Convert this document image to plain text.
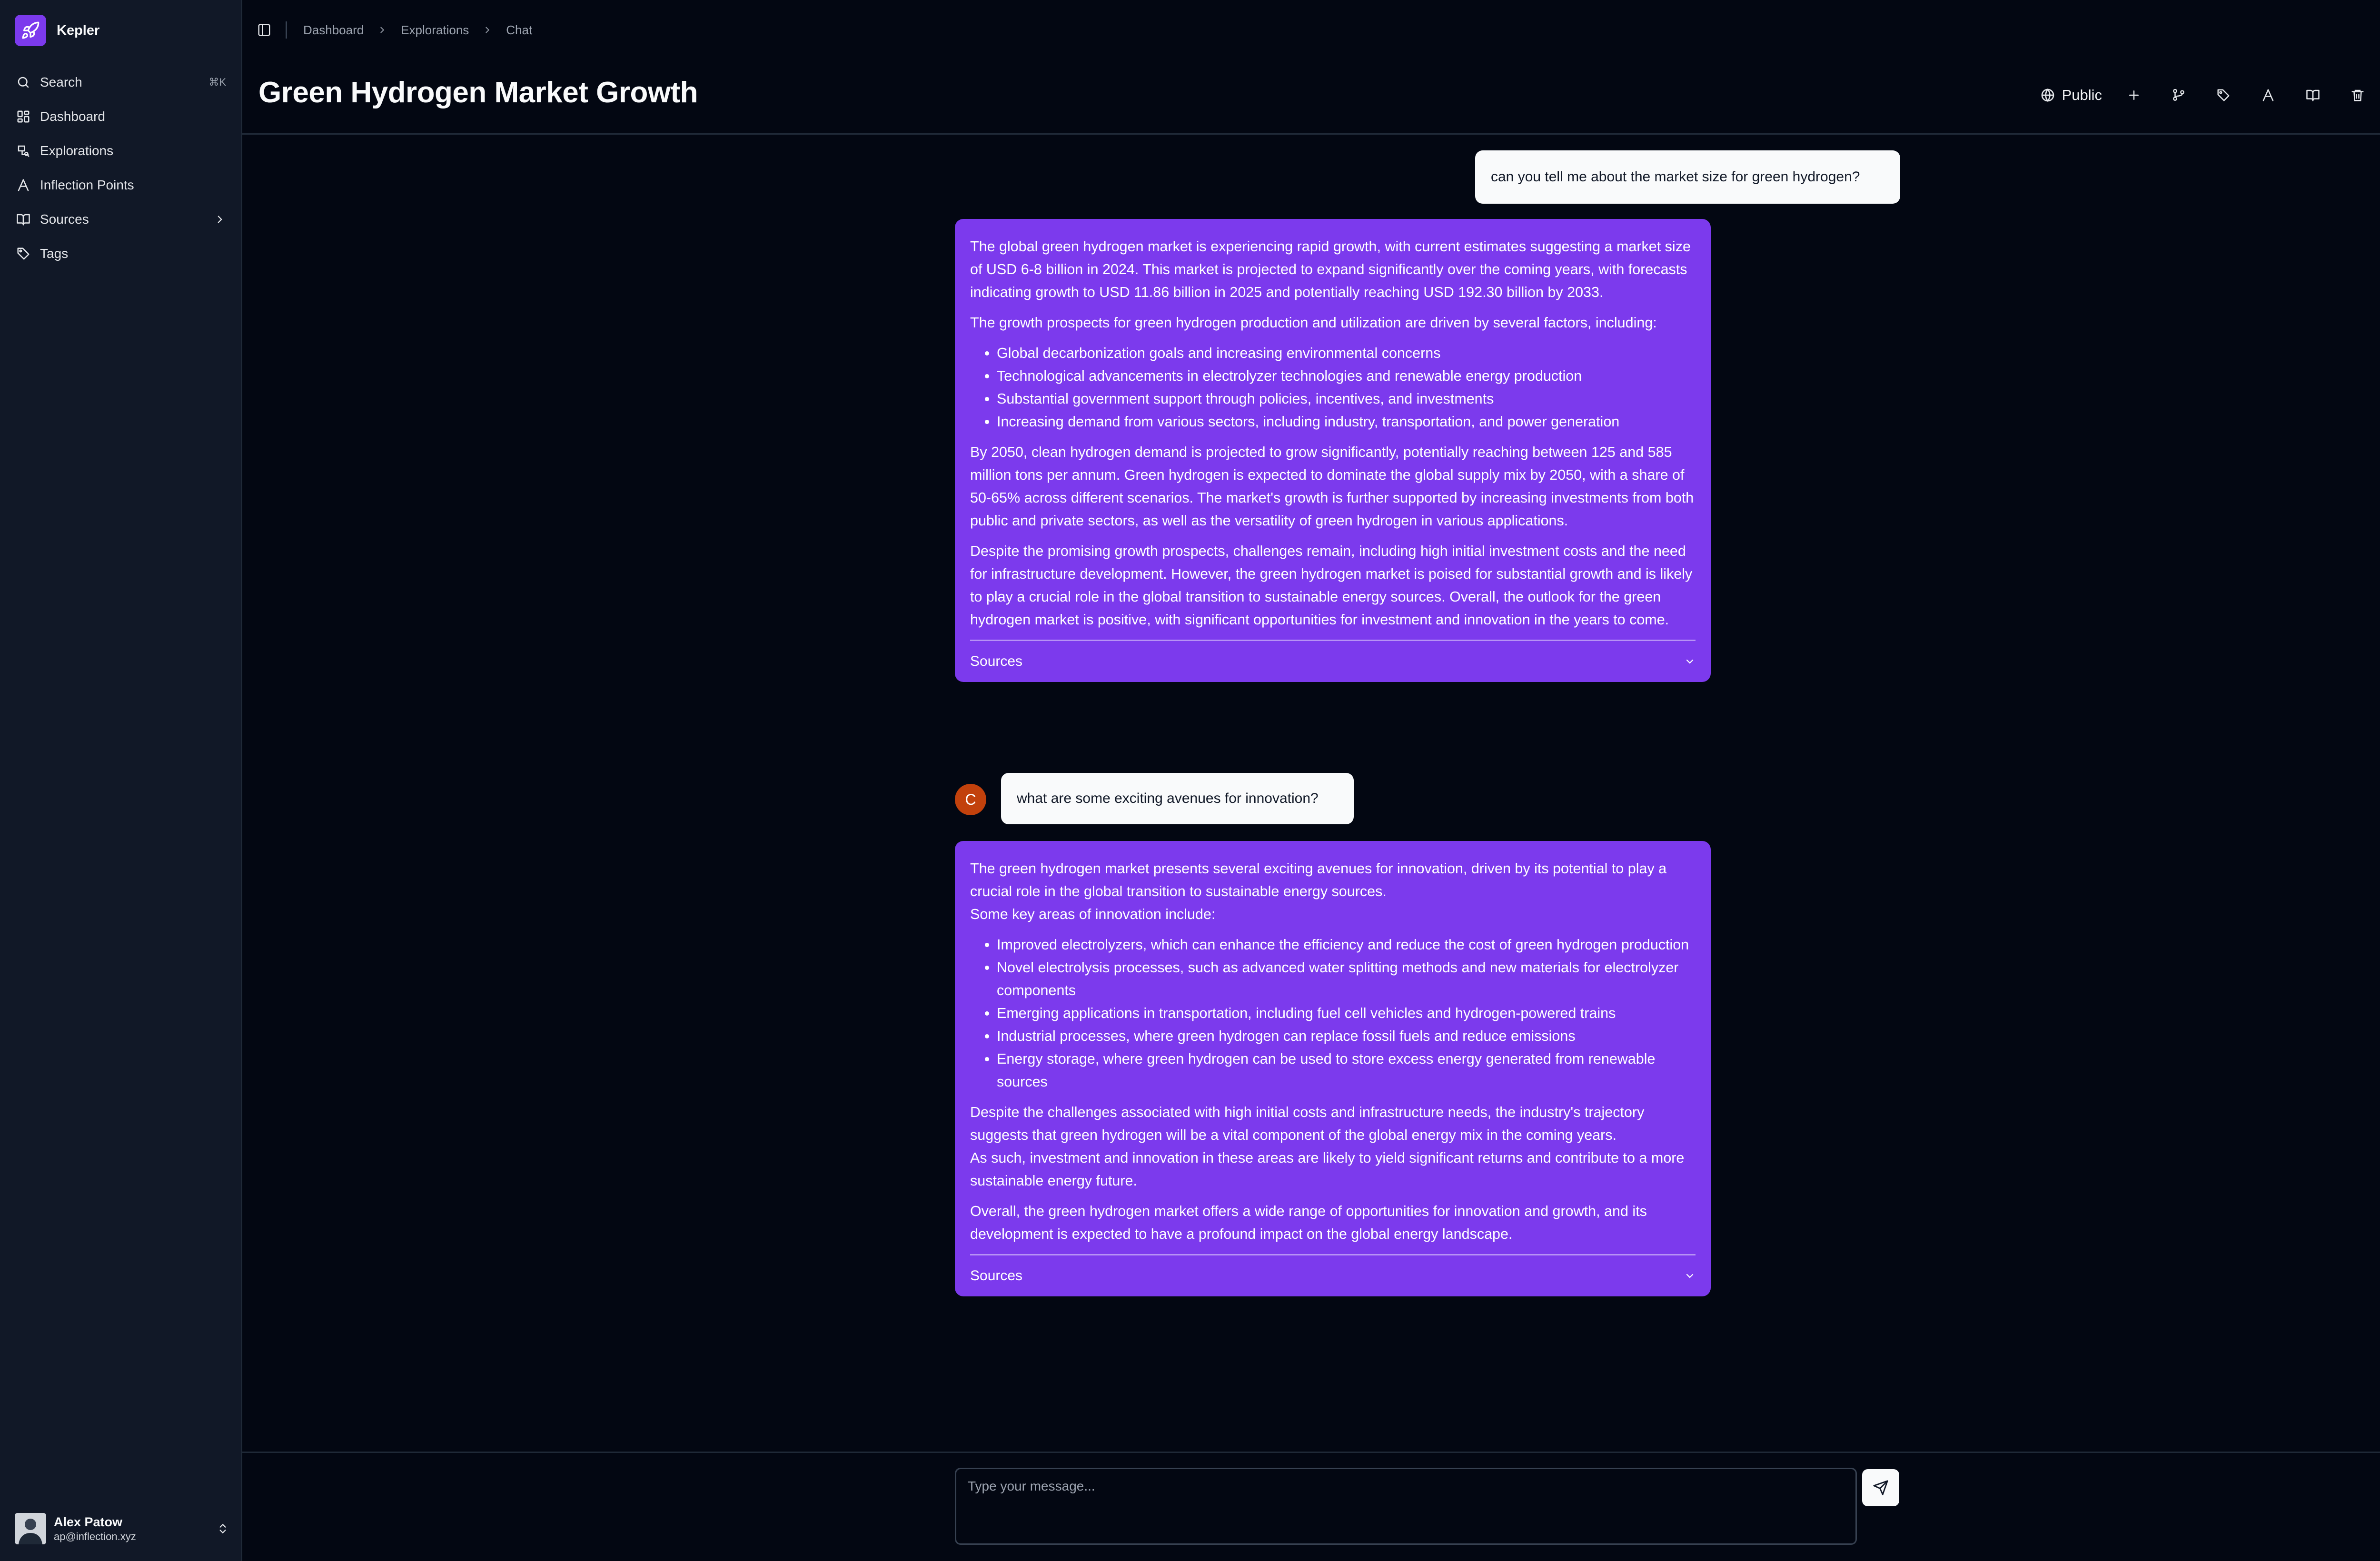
Kepler
Search	⌘K
Dashboard
Explorations
Inflection Points
Sources
Tags
Alex Patow
ap@inflection.xyz
Dashboard	Explorations	Chat
Green Hydrogen Market Growth	Public
can you tell me about the market size for green hydrogen?

The global green hydrogen market is experiencing rapid growth, with current estimates suggesting a market size of USD 6-8 billion in 2024. This market is projected to expand significantly over the coming years, with forecasts indicating growth to USD 11.86 billion in 2025 and potentially reaching USD 192.30 billion by 2033.

The growth prospects for green hydrogen production and utilization are driven by several factors, including:

• Global decarbonization goals and increasing environmental concerns
• Technological advancements in electrolyzer technologies and renewable energy production
• Substantial government support through policies, incentives, and investments
• Increasing demand from various sectors, including industry, transportation, and power generation

By 2050, clean hydrogen demand is projected to grow significantly, potentially reaching between 125 and 585 million tons per annum. Green hydrogen is expected to dominate the global supply mix by 2050, with a share of 50-65% across different scenarios. The market's growth is further supported by increasing investments from both public and private sectors, as well as the versatility of green hydrogen in various applications.

Despite the promising growth prospects, challenges remain, including high initial investment costs and the need for infrastructure development. However, the green hydrogen market is poised for substantial growth and is likely to play a crucial role in the global transition to sustainable energy sources. Overall, the outlook for the green hydrogen market is positive, with significant opportunities for investment and innovation in the years to come.

Sources
C	what are some exciting avenues for innovation?

The green hydrogen market presents several exciting avenues for innovation, driven by its potential to play a crucial role in the global transition to sustainable energy sources.

Some key areas of innovation include:

• Improved electrolyzers, which can enhance the efficiency and reduce the cost of green hydrogen production
• Novel electrolysis processes, such as advanced water splitting methods and new materials for electrolyzer components
• Emerging applications in transportation, including fuel cell vehicles and hydrogen-powered trains
• Industrial processes, where green hydrogen can replace fossil fuels and reduce emissions
• Energy storage, where green hydrogen can be used to store excess energy generated from renewable sources

Despite the challenges associated with high initial costs and infrastructure needs, the industry's trajectory suggests that green hydrogen will be a vital component of the global energy mix in the coming years.

As such, investment and innovation in these areas are likely to yield significant returns and contribute to a more sustainable energy future.

Overall, the green hydrogen market offers a wide range of opportunities for innovation and growth, and its development is expected to have a profound impact on the global energy landscape.

Sources
Type your message...
